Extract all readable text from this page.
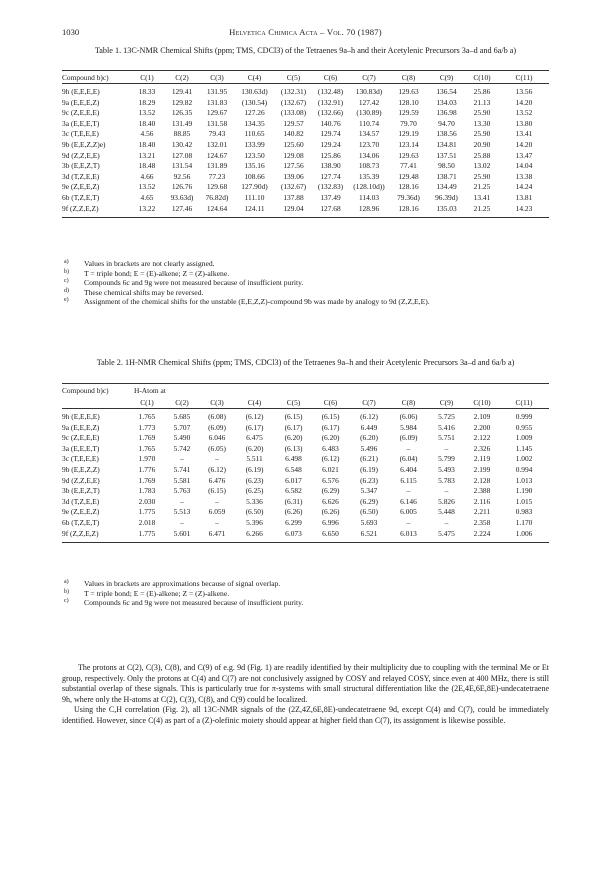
1030	Helvetica Chimica Acta – Vol. 70 (1987)
Table 1. 13C-NMR Chemical Shifts (ppm; TMS, CDCl3) of the Tetraenes 9a–h and their Acetylenic Precursors 3a–d and 6a/b a)
Compound b)c)	C(1)	C(2)	C(3)	C(4)	C(5)	C(6)	C(7)	C(8)	C(9)	C(10)	C(11)
9h (E,E,E,E)	18.33	129.41	131.95	130.63d)	(132.31)	(132.48)	130.83d)	129.63	136.54	25.86	13.56
9a (E,E,E,Z)	18.29	129.82	131.83	(130.54)	(132.67)	(132.91)	127.42	128.10	134.03	21.13	14.20
9c (Z,E,E,E)	13.52	126.35	129.67	127.26	(133.08)	(132.66)	(130.89)	129.59	136.98	25.90	13.52
3a (E,E,E,T)	18.40	131.49	131.58	134.35	129.57	140.76	110.74	79.70	94.70	13.30	13.80
3c (T,E,E,E)	4.56	88.85	79.43	110.65	140.82	129.74	134.57	129.19	138.56	25.90	13.41
9b (E,E,Z,Z)e)	18.40	130.42	132.01	133.99	125.60	129.24	123.70	123.14	134.81	20.90	14.20
9d (Z,Z,E,E)	13.21	127.08	124.67	123.50	129.08	125.86	134.06	129.63	137.51	25.88	13.47
3b (E,E,Z,T)	18.48	131.54	131.89	135.16	127.56	138.90	108.73	77.41	98.50	13.02	14.04
3d (T,Z,E,E)	4.66	92.56	77.23	108.66	139.06	127.74	135.39	129.48	138.71	25.90	13.38
9e (Z,E,E,Z)	13.52	126.76	129.68	127.90d)	(132.67)	(132.83)	(128.10d))	128.16	134.49	21.25	14.24
6b (T,Z,E,T)	4.65	93.63d)	76.82d)	111.10	137.88	137.49	114.03	79.36d)	96.39d)	13.41	13.81
9f (Z,Z,E,Z)	13.22	127.46	124.64	124.11	129.04	127.68	128.96	128.16	135.03	21.25	14.23
a) Values in brackets are not clearly assigned.
b) T = triple bond; E = (E)-alkene; Z = (Z)-alkene.
c) Compounds 6c and 9g were not measured because of insufficient purity.
d) These chemical shifts may be reversed.
e) Assignment of the chemical shifts for the unstable (E,E,Z,Z)-compound 9b was made by analogy to 9d (Z,Z,E,E).
Table 2. 1H-NMR Chemical Shifts (ppm; TMS, CDCl3) of the Tetraenes 9a–h and their Acetylenic Precursors 3a–d and 6a/b a)
Compound b)c)	H-Atom at										
	C(1)	C(2)	C(3)	C(4)	C(5)	C(6)	C(7)	C(8)	C(9)	C(10)	C(11)
9h (E,E,E,E)	1.765	5.685	(6.08)	(6.12)	(6.15)	(6.15)	(6.12)	(6.06)	5.725	2.109	0.999
9a (E,E,E,Z)	1.773	5.707	(6.09)	(6.17)	(6.17)	(6.17)	6.449	5.984	5.416	2.200	0.955
9c (Z,E,E,E)	1.769	5.490	6.046	6.475	(6.20)	(6.20)	(6.20)	(6.09)	5.751	2.122	1.009
3a (E,E,E,T)	1.765	5.742	(6.05)	(6.20)	(6.13)	6.483	5.496	–	–	2.326	1.145
3c (T,E,E,E)	1.970	–	–	5.511	6.498	(6.12)	(6.21)	(6.04)	5.799	2.119	1.002
9b (E,E,Z,Z)	1.776	5.741	(6.12)	(6.19)	6.548	6.021	(6.19)	6.404	5.493	2.199	0.994
9d (Z,Z,E,E)	1.769	5.581	6.476	(6.23)	6.017	6.576	(6.23)	6.115	5.783	2.128	1.013
3b (E,E,Z,T)	1.783	5.763	(6.15)	(6.25)	6.582	(6.29)	5.347	–	–	2.388	1.190
3d (T,Z,E,E)	2.030	–	–	5.336	(6.31)	6.626	(6.29)	6.146	5.826	2.116	1.015
9e (Z,E,E,Z)	1.775	5.513	6.059	(6.50)	(6.26)	(6.26)	(6.50)	6.005	5.448	2.211	0.983
6b (T,Z,E,T)	2.018	–	–	5.396	6.299	6.996	5.693	–	–	2.358	1.170
9f (Z,Z,E,Z)	1.775	5.601	6.471	6.266	6.073	6.650	6.521	6.013	5.475	2.224	1.006
a) Values in brackets are approximations because of signal overlap.
b) T = triple bond; E = (E)-alkene; Z = (Z)-alkene.
c) Compounds 6c and 9g were not measured because of insufficient purity.

The protons at C(2), C(3), C(8), and C(9) of e.g. 9d (Fig. 1) are readily identified by their multiplicity due to coupling with the terminal Me or Et group, respectively. Only the protons at C(4) and C(7) are not conclusively assigned by COSY and relayed COSY, since even at 400 MHz, there is still substantial overlap of these signals. This is particularly true for π-systems with small structural differentiation like the (2E,4E,6E,8E)-undecatetraene 9h, where only the H-atoms at C(2), C(3), C(8), and C(9) could be localized.

Using the C,H correlation (Fig. 2), all 13C-NMR signals of the (2Z,4Z,6E,8E)-undecatetraene 9d, except C(4) and C(7), could be immediately identified. However, since C(4) as part of a (Z)-olefinic moiety should appear at higher field than C(7), its assignment is likewise possible.
